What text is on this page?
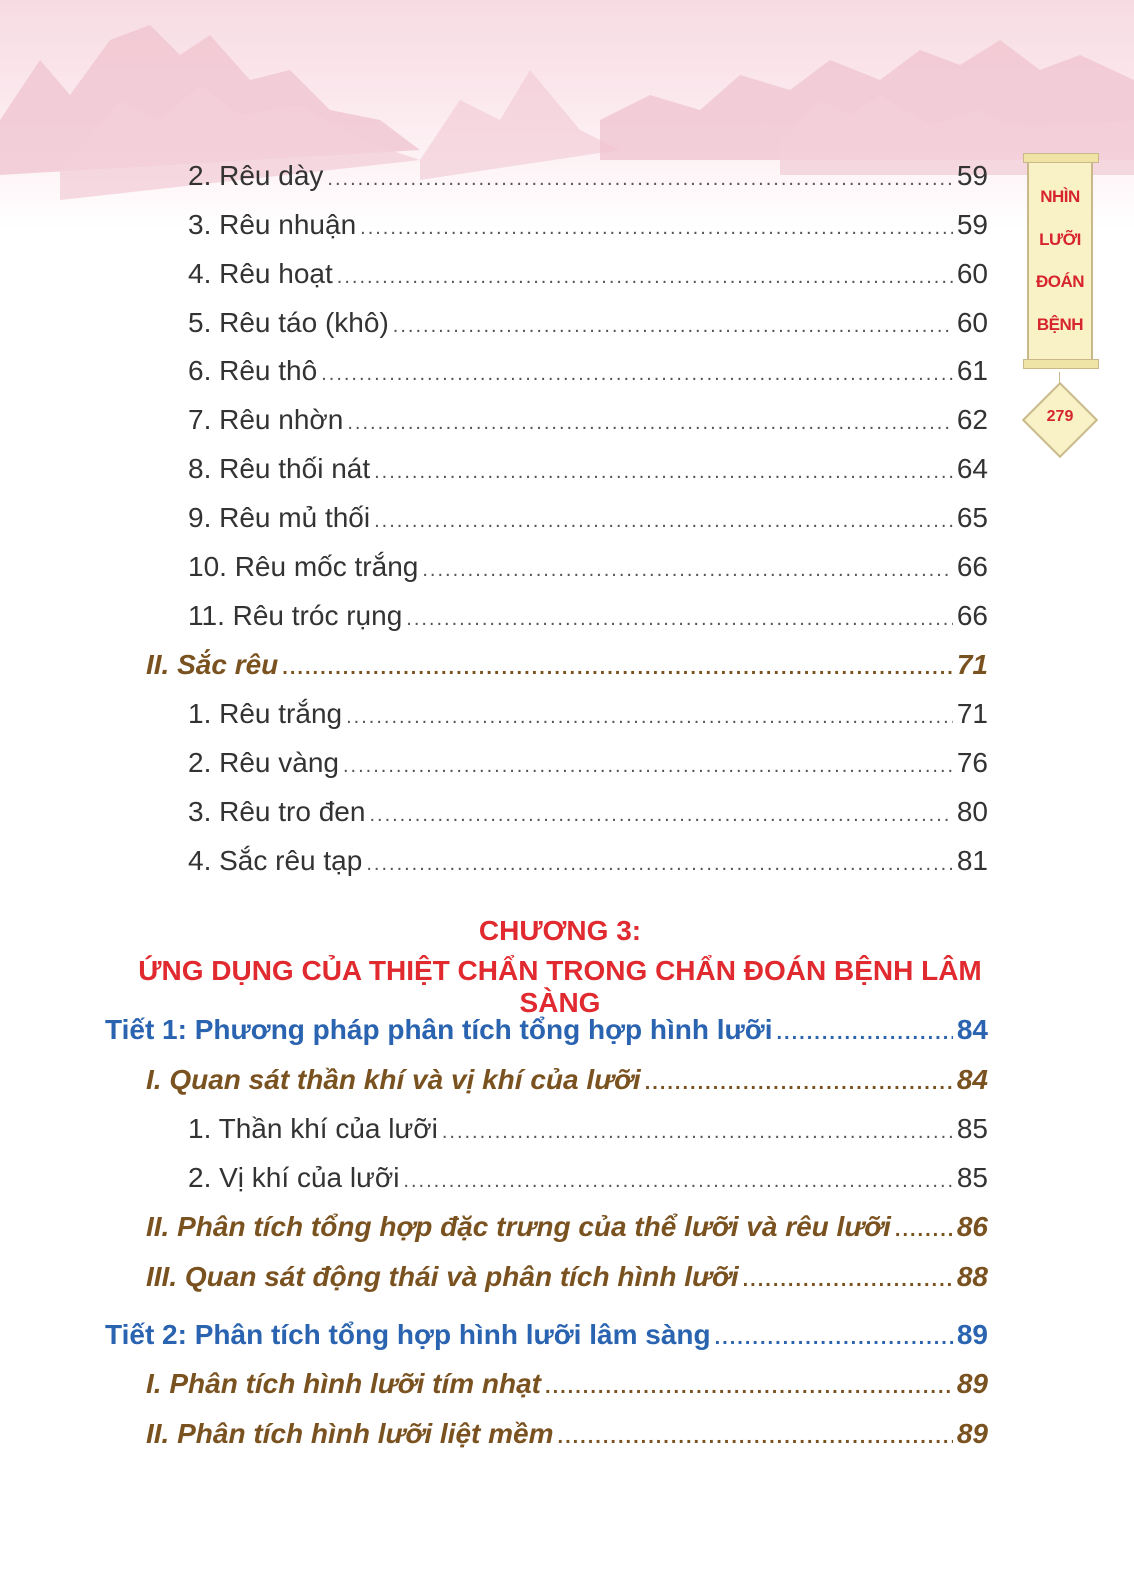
NHÌN
LƯỠI
ĐOÁN
BỆNH
279
2. Rêu dày .....	59
3. Rêu nhuận .....	59
4. Rêu hoạt .....	60
5. Rêu táo (khô) .....	60
6. Rêu thô .....	61
7. Rêu nhờn .....	62
8. Rêu thối nát .....	64
9. Rêu mủ thối .....	65
10. Rêu mốc trắng .....	66
11. Rêu tróc rụng .....	66
II. Sắc rêu .....	71
1. Rêu trắng .....	71
2. Rêu vàng .....	76
3. Rêu tro đen .....	80
4. Sắc rêu tạp .....	81
CHƯƠNG 3:
ỨNG DỤNG CỦA THIỆT CHẨN TRONG CHẨN ĐOÁN BỆNH LÂM SÀNG
Tiết 1: Phương pháp phân tích tổng hợp hình lưỡi .....	84
I. Quan sát thần khí và vị khí của lưỡi .....	84
1. Thần khí của lưỡi .....	85
2. Vị khí của lưỡi .....	85
II. Phân tích tổng hợp đặc trưng của thể lưỡi và rêu lưỡi ..... 86
III. Quan sát động thái và phân tích hình lưỡi .....	88
Tiết 2: Phân tích tổng hợp hình lưỡi lâm sàng .....	89
I. Phân tích hình lưỡi tím nhạt .....	89
II. Phân tích hình lưỡi liệt mềm .....	89
